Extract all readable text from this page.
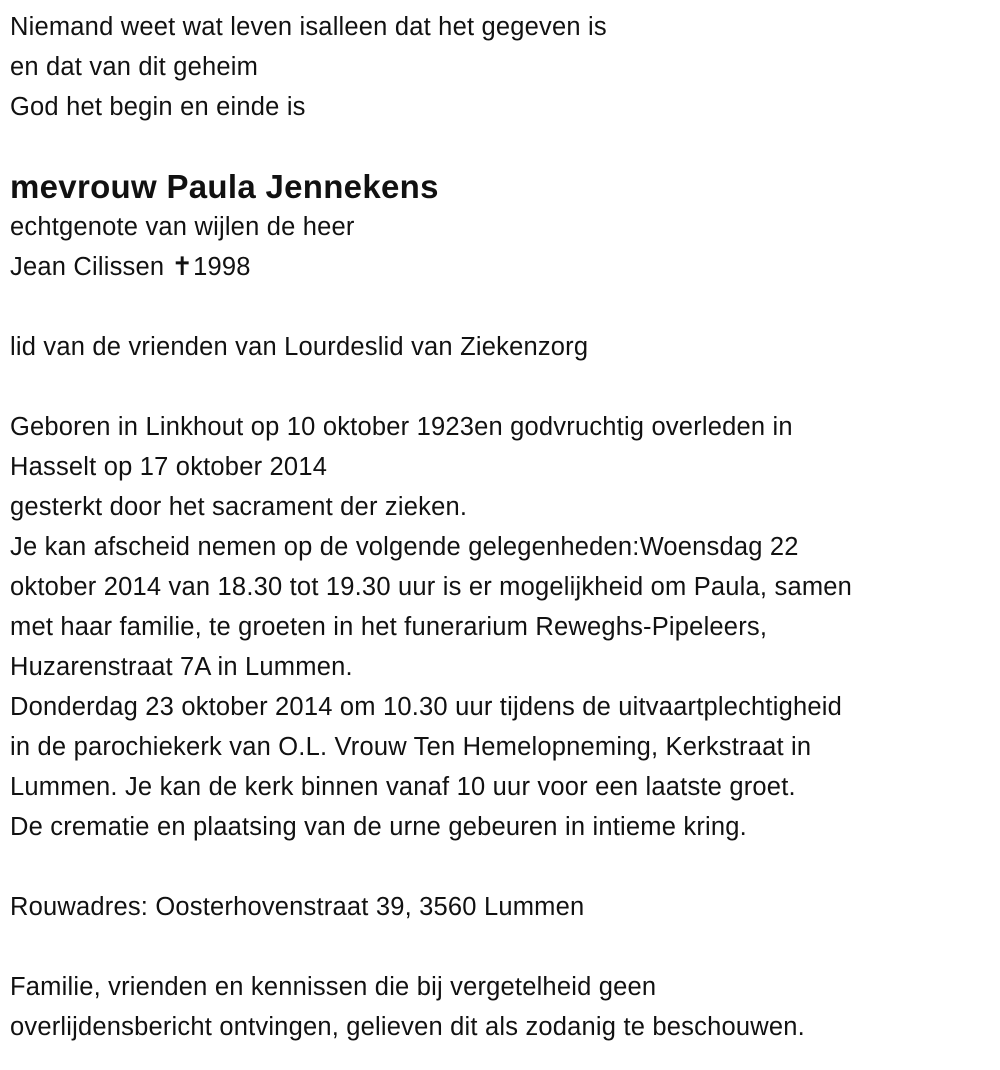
Niemand weet wat leven isalleen dat het gegeven is
en dat van dit geheim
God het begin en einde is
mevrouw Paula Jennekens
echtgenote van wijlen de heer
Jean Cilissen ✝1998
lid van de vrienden van Lourdeslid van Ziekenzorg
Geboren in Linkhout op 10 oktober 1923en godvruchtig overleden in
Hasselt op 17 oktober 2014
gesterkt door het sacrament der zieken.
Je kan afscheid nemen op de volgende gelegenheden:Woensdag 22
oktober 2014 van 18.30 tot 19.30 uur is er mogelijkheid om Paula, samen
met haar familie, te groeten in het funerarium Reweghs-Pipeleers,
Huzarenstraat 7A in Lummen.
Donderdag 23 oktober 2014 om 10.30 uur tijdens de uitvaartplechtigheid
in de parochiekerk van O.L. Vrouw Ten Hemelopneming, Kerkstraat in
Lummen. Je kan de kerk binnen vanaf 10 uur voor een laatste groet.
De crematie en plaatsing van de urne gebeuren in intieme kring.
Rouwadres: Oosterhovenstraat 39, 3560 Lummen
Familie, vrienden en kennissen die bij vergetelheid geen
overlijdensbericht ontvingen, gelieven dit als zodanig te beschouwen.
